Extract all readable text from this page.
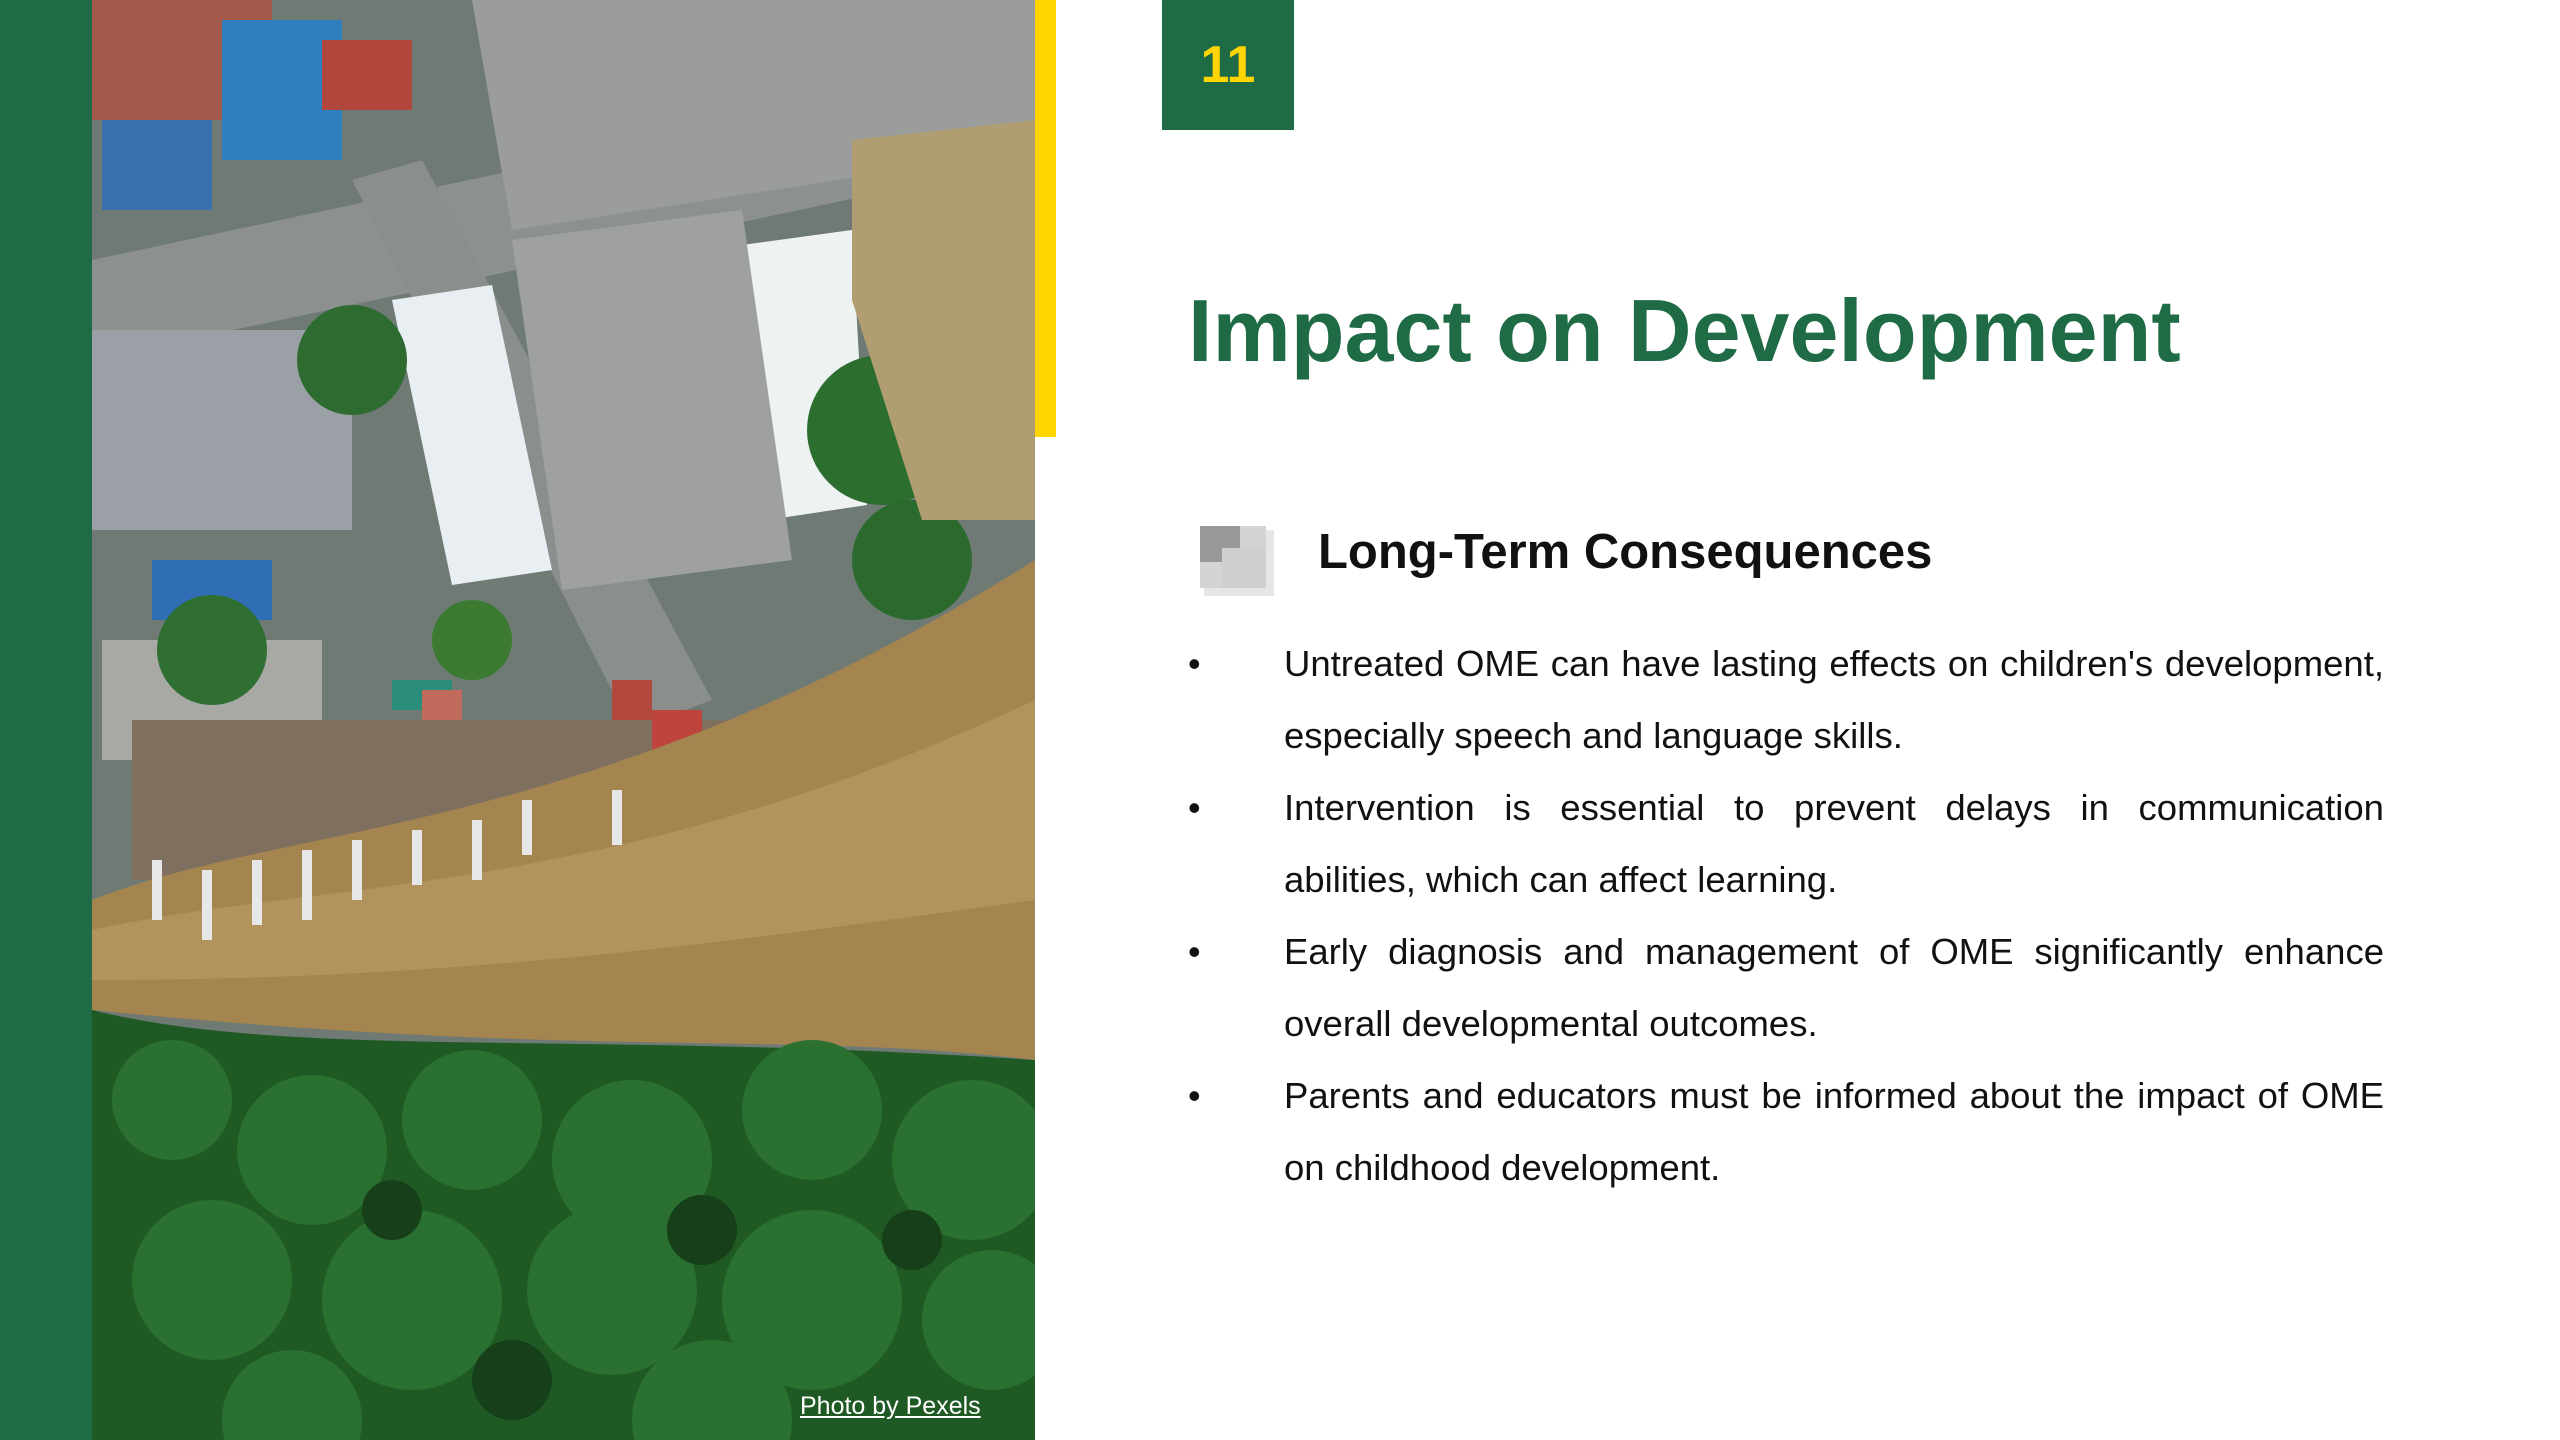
Photo by Pexels
11
Impact on Development
Long-Term Consequences
• Untreated OME can have lasting effects on children's development, especially speech and language skills.
• Intervention is essential to prevent delays in communication abilities, which can affect learning.
• Early diagnosis and management of OME significantly enhance overall developmental outcomes.
• Parents and educators must be informed about the impact of OME on childhood development.
